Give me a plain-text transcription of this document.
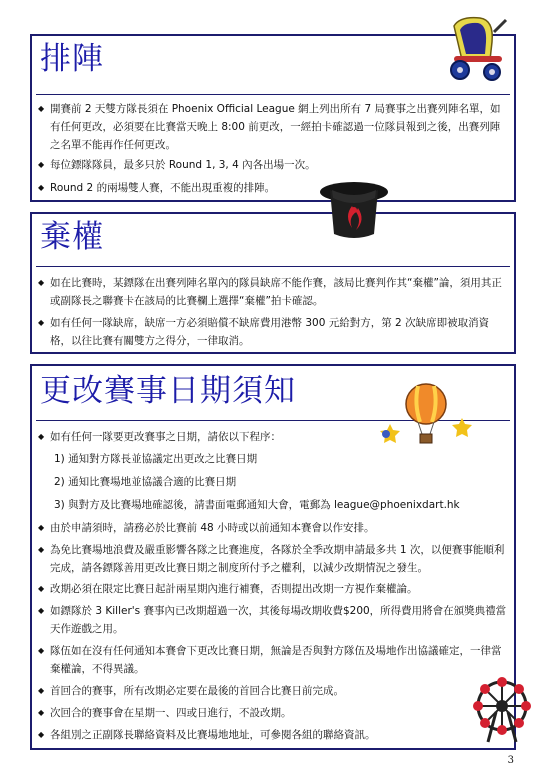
排陣
◆ 開賽前 2 天雙方隊長須在 Phoenix Official League 網上列出所有 7 局賽事之出賽列陣名單，如有任何更改，必須要在比賽當天晚上 8:00 前更改，一經拍卡確認過一位隊員報到之後，出賽列陣之名單不能再作任何更改。
◆ 每位鏢隊隊員，最多只於 Round 1, 3, 4 內各出場一次。
◆ Round 2 的兩場雙人賽，不能出現重複的排陣。
棄權
◆ 如在比賽時，某鏢隊在出賽列陣名單內的隊員缺席不能作賽，該局比賽判作其“棄權”論，須用其正或副隊長之聯賽卡在該局的比賽欄上選擇“棄權”拍卡確認。
◆ 如有任何一隊缺席，缺席一方必須賠償不缺席費用港幣 300 元給對方，第 2 次缺席即被取消資格，以往比賽有關雙方之得分，一律取消。
更改賽事日期須知
◆ 如有任何一隊要更改賽事之日期，請依以下程序：
1) 通知對方隊長並協議定出更改之比賽日期
2) 通知比賽場地並協議合適的比賽日期
3) 與對方及比賽場地確認後，請書面電郵通知大會，電郵為 league@phoenixdart.hk
◆ 由於申請須時，請務必於比賽前 48 小時或以前通知本賽會以作安排。
◆ 為免比賽場地浪費及嚴重影響各隊之比賽進度，各隊於全季改期申請最多共 1 次，以便賽事能順利完成，請各鏢隊善用更改比賽日期之制度所付予之權利，以減少改期情況之發生。
◆ 改期必須在限定比賽日起計兩星期內進行補賽，否則提出改期一方視作棄權論。
◆ 如鏢隊於 3 Killer's 賽事內已改期超過一次，其後每場改期收費$200，所得費用將會在頒獎典禮當天作遊戲之用。
◆ 隊伍如在沒有任何通知本賽會下更改比賽日期，無論是否與對方隊伍及場地作出協議確定，一律當棄權論，不得異議。
◆ 首回合的賽事，所有改期必定要在最後的首回合比賽日前完成。
◆ 次回合的賽事會在星期一、四或日進行，不設改期。
◆ 各組別之正副隊長聯絡資料及比賽場地地址，可參閱各組的聯絡資訊。
3
